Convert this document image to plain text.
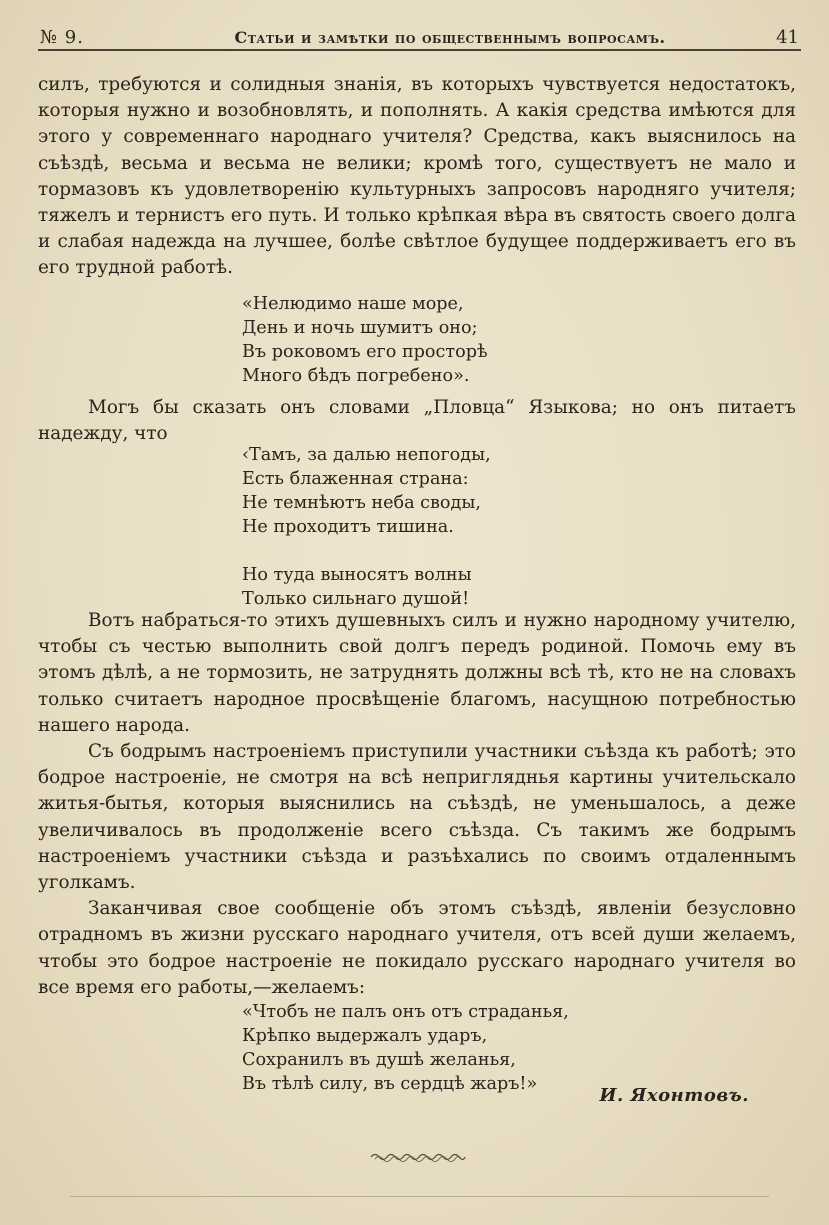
№ 9.	Статьи и замѣтки по общественнымъ вопросамъ.	41

силъ, требуются и солидныя знанія, въ которыхъ чувствуется недостатокъ, которыя нужно и возобновлять, и пополнять. А какія средства имѣются для этого у современнаго народнаго учителя? Средства, какъ выяснилось на съѣздѣ, весьма и весьма не велики; кромѣ того, существуетъ не мало и тормазовъ къ удовлетворенію культурныхъ запросовъ народняго учителя; тяжелъ и тернистъ его путь. И только крѣпкая вѣра въ святость своего долга и слабая надежда на лучшее, болѣе свѣтлое будущее поддерживаетъ его въ его трудной работѣ.

«Нелюдимо наше море,
День и ночь шумитъ оно;
Въ роковомъ его просторѣ
Много бѣдъ погребено».

Могъ бы сказать онъ словами „Пловца“ Языкова; но онъ питаетъ надежду, что

‹Тамъ, за далью непогоды,
Есть блаженная страна:
Не темнѣютъ неба своды,
Не проходитъ тишина.

Но туда выносятъ волны
Только сильнаго душой!

Вотъ набраться-то этихъ душевныхъ силъ и нужно народному учителю, чтобы съ честью выполнить свой долгъ передъ родиной. Помочь ему въ этомъ дѣлѣ, а не тормозить, не затруднять должны всѣ тѣ, кто не на словахъ только считаетъ народное просвѣщеніе благомъ, насущною потребностью нашего народа.

Съ бодрымъ настроеніемъ приступили участники съѣзда къ работѣ; это бодрое настроеніе, не смотря на всѣ непригляднья картины учительскало житья-бытья, которыя выяснились на съѣздѣ, не уменьшалось, а деже увеличивалось въ продолженіе всего съѣзда. Съ такимъ же бодрымъ настроеніемъ участники съѣзда и разъѣхались по своимъ отдаленнымъ уголкамъ.

Заканчивая свое сообщеніе объ этомъ съѣздѣ, явленіи безусловно отрадномъ въ жизни русскаго народнаго учителя, отъ всей души желаемъ, чтобы это бодрое настроеніе не покидало русскаго народнаго учителя во все время его работы,—желаемъ:

«Чтобъ не палъ онъ отъ страданья,
Крѣпко выдержалъ ударъ,
Сохранилъ въ душѣ желанья,
Въ тѣлѣ силу, въ сердцѣ жаръ!»
И. Яхонтовъ.
